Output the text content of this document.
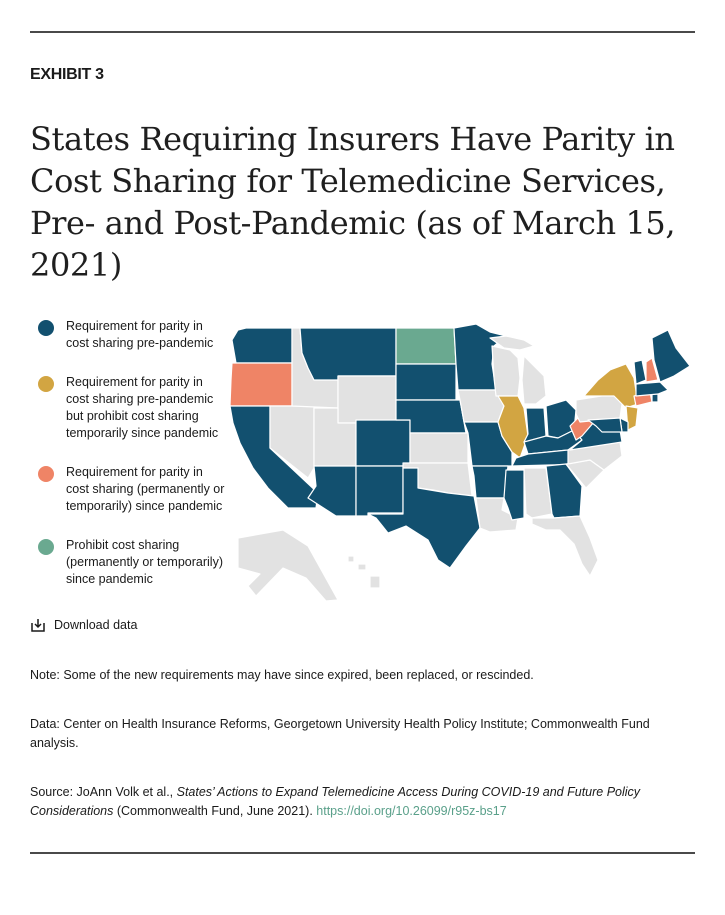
EXHIBIT 3
States Requiring Insurers Have Parity in Cost Sharing for Telemedicine Services, Pre- and Post-Pandemic (as of March 15, 2021)
Requirement for parity in cost sharing pre-pandemic
Requirement for parity in cost sharing pre-pandemic but prohibit cost sharing temporarily since pandemic
Requirement for parity in cost sharing (permanently or temporarily) since pandemic
Prohibit cost sharing (permanently or temporarily) since pandemic
Download data

Note: Some of the new requirements may have since expired, been replaced, or rescinded.

Data: Center on Health Insurance Reforms, Georgetown University Health Policy Institute; Commonwealth Fund analysis.

Source: JoAnn Volk et al., States’ Actions to Expand Telemedicine Access During COVID-19 and Future Policy Considerations (Commonwealth Fund, June 2021). https://doi.org/10.26099/r95z-bs17
